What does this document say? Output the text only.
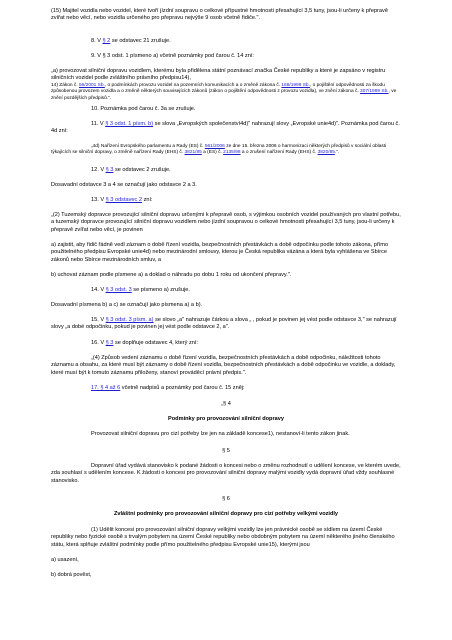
(15) Majitel vozidla nebo vozidel, které tvoří jízdní soupravu o celkové přípustné hmotnosti přesahující 3,5 tuny, jsou-li určeny k přepravě zvířat nebo věcí, nebo vozidla určeného pro přepravu nejvýše 9 osob včetně řidiče.".

8. V § 2 se odstavec 21 zrušuje.

9. V § 3 odst. 1 písmeno a) včetně poznámky pod čarou č. 14 zní:

„a) provozovat silniční dopravu vozidlem, kterému byla přidělena státní poznávací značka České republiky a které je zapsáno v registru silničních vozidel podle zvláštního právního předpisu14),

14) Zákon č. 56/2001 Sb., o podmínkách provozu vozidel na pozemních komunikacích a o změně zákona č. 168/1999 Sb., o pojištění odpovědnosti za škodu způsobenou provozem vozidla a o změně některých souvisejících zákonů (zákon o pojištění odpovědnosti z provozu vozidla), ve znění zákona č. 307/1999 Sb., ve znění pozdějších předpisů.".

10. Poznámka pod čarou č. 3a se zrušuje.

11. V § 3 odst. 1 písm. b) se slova „Evropských společenství4d)" nahrazují slovy „Evropské unie4d)". Poznámka pod čarou č. 4d zní:

„4d) Nařízení Evropského parlamentu a Rady (ES) č. 561/2006 ze dne 15. března 2006 o harmonizaci některých předpisů v sociální oblasti týkajících se silniční dopravy, o změně nařízení Rady (EHS) č. 3821/85 a (ES) č. 2135/98 a o zrušení nařízení Rady (EHS) č. 3820/85.".

12. V § 3 se odstavec 2 zrušuje.

Dosavadní odstavce 3 a 4 se označují jako odstavce 2 a 3.

13. V § 3 odstavec 2 zní:

„(2) Tuzemský dopravce provozující silniční dopravu určenými k přepravě osob, s výjimkou osobních vozidel používaných pro vlastní potřebu, a tuzemský dopravce provozující silniční dopravu vozidlem nebo jízdní soupravou o celkové hmotnosti přesahující 3,5 tuny, jsou-li určeny k přepravě zvířat nebo věcí, je povinen

a) zajistit, aby řidič řádně vedl záznam o době řízení vozidla, bezpečnostních přestávkách a době odpočinku podle tohoto zákona, přímo použitelného předpisu Evropské unie4d) nebo mezinárodní smlouvy, kterou je Česká republika vázána a která byla vyhlášena ve Sbírce zákonů nebo Sbírce mezinárodních smluv, a

b) uchovat záznam podle písmene a) a doklad o náhradu po dobu 1 roku od ukončení přepravy.".

14. V § 3 odst. 3 se písmeno a) zrušuje.

Dosavadní písmena b) a c) se označují jako písmena a) a b).

15. V § 3 odst. 3 písm. a) se slovo „a" nahrazuje čárkou a slova „ , pokud je povinen jej vést podle odstavce 3," se nahrazují slovy „a dobé odpočinku, pokud je povinen jej vést podle odstavce 2, a".

16. V § 3 se doplňuje odstavec 4, který zní:

„(4) Způsob vedení záznamu o době řízení vozidla, bezpečnostních přestávkách a době odpočinku, náležitosti tohoto záznamu a obsahu, za které musí být záznamy o době řízení vozidla, bezpečnostních přestávkách a době odpočinku ve vozidle, a doklady, které musí být k tomuto záznamu přiloženy, stanoví prováděcí právní předpis.".

17. § 4 až 6 včetně nadpisů a poznámky pod čarou č. 15 zněj:

„§ 4

Podmínky pro provozování silniční dopravy

Provozovat silniční dopravu pro cizí potřeby lze jen na základě koncese1), nestanoví-li tento zákon jinak.

§ 5

Dopravní úřad vydává stanovisko k podané žádosti o koncesi nebo o změnu rozhodnutí o udělení koncese, ve kterém uvede, zda souhlasí s udělením koncese. K žádosti o koncesi pro provozování silniční dopravy malými vozidly vydá dopravní úřad vždy souhlasné stanovisko.

§ 6

Zvláštní podmínky pro provozování silniční dopravy pro cizí potřeby velkými vozidly

(1) Udělit koncesi pro provozování silniční dopravy velkými vozidly lze jen právnické osobě se sídlem na území České republiky nebo fyzické osobě s trvalým pobytem na území České republiky nebo obdobným pobytem na území některého jiného členského státu, která splňuje zvláštní podmínky podle přímo použitelného předpisu Evropské unie15), kterými jsou

a) usazení,

b) dobrá pověst,
